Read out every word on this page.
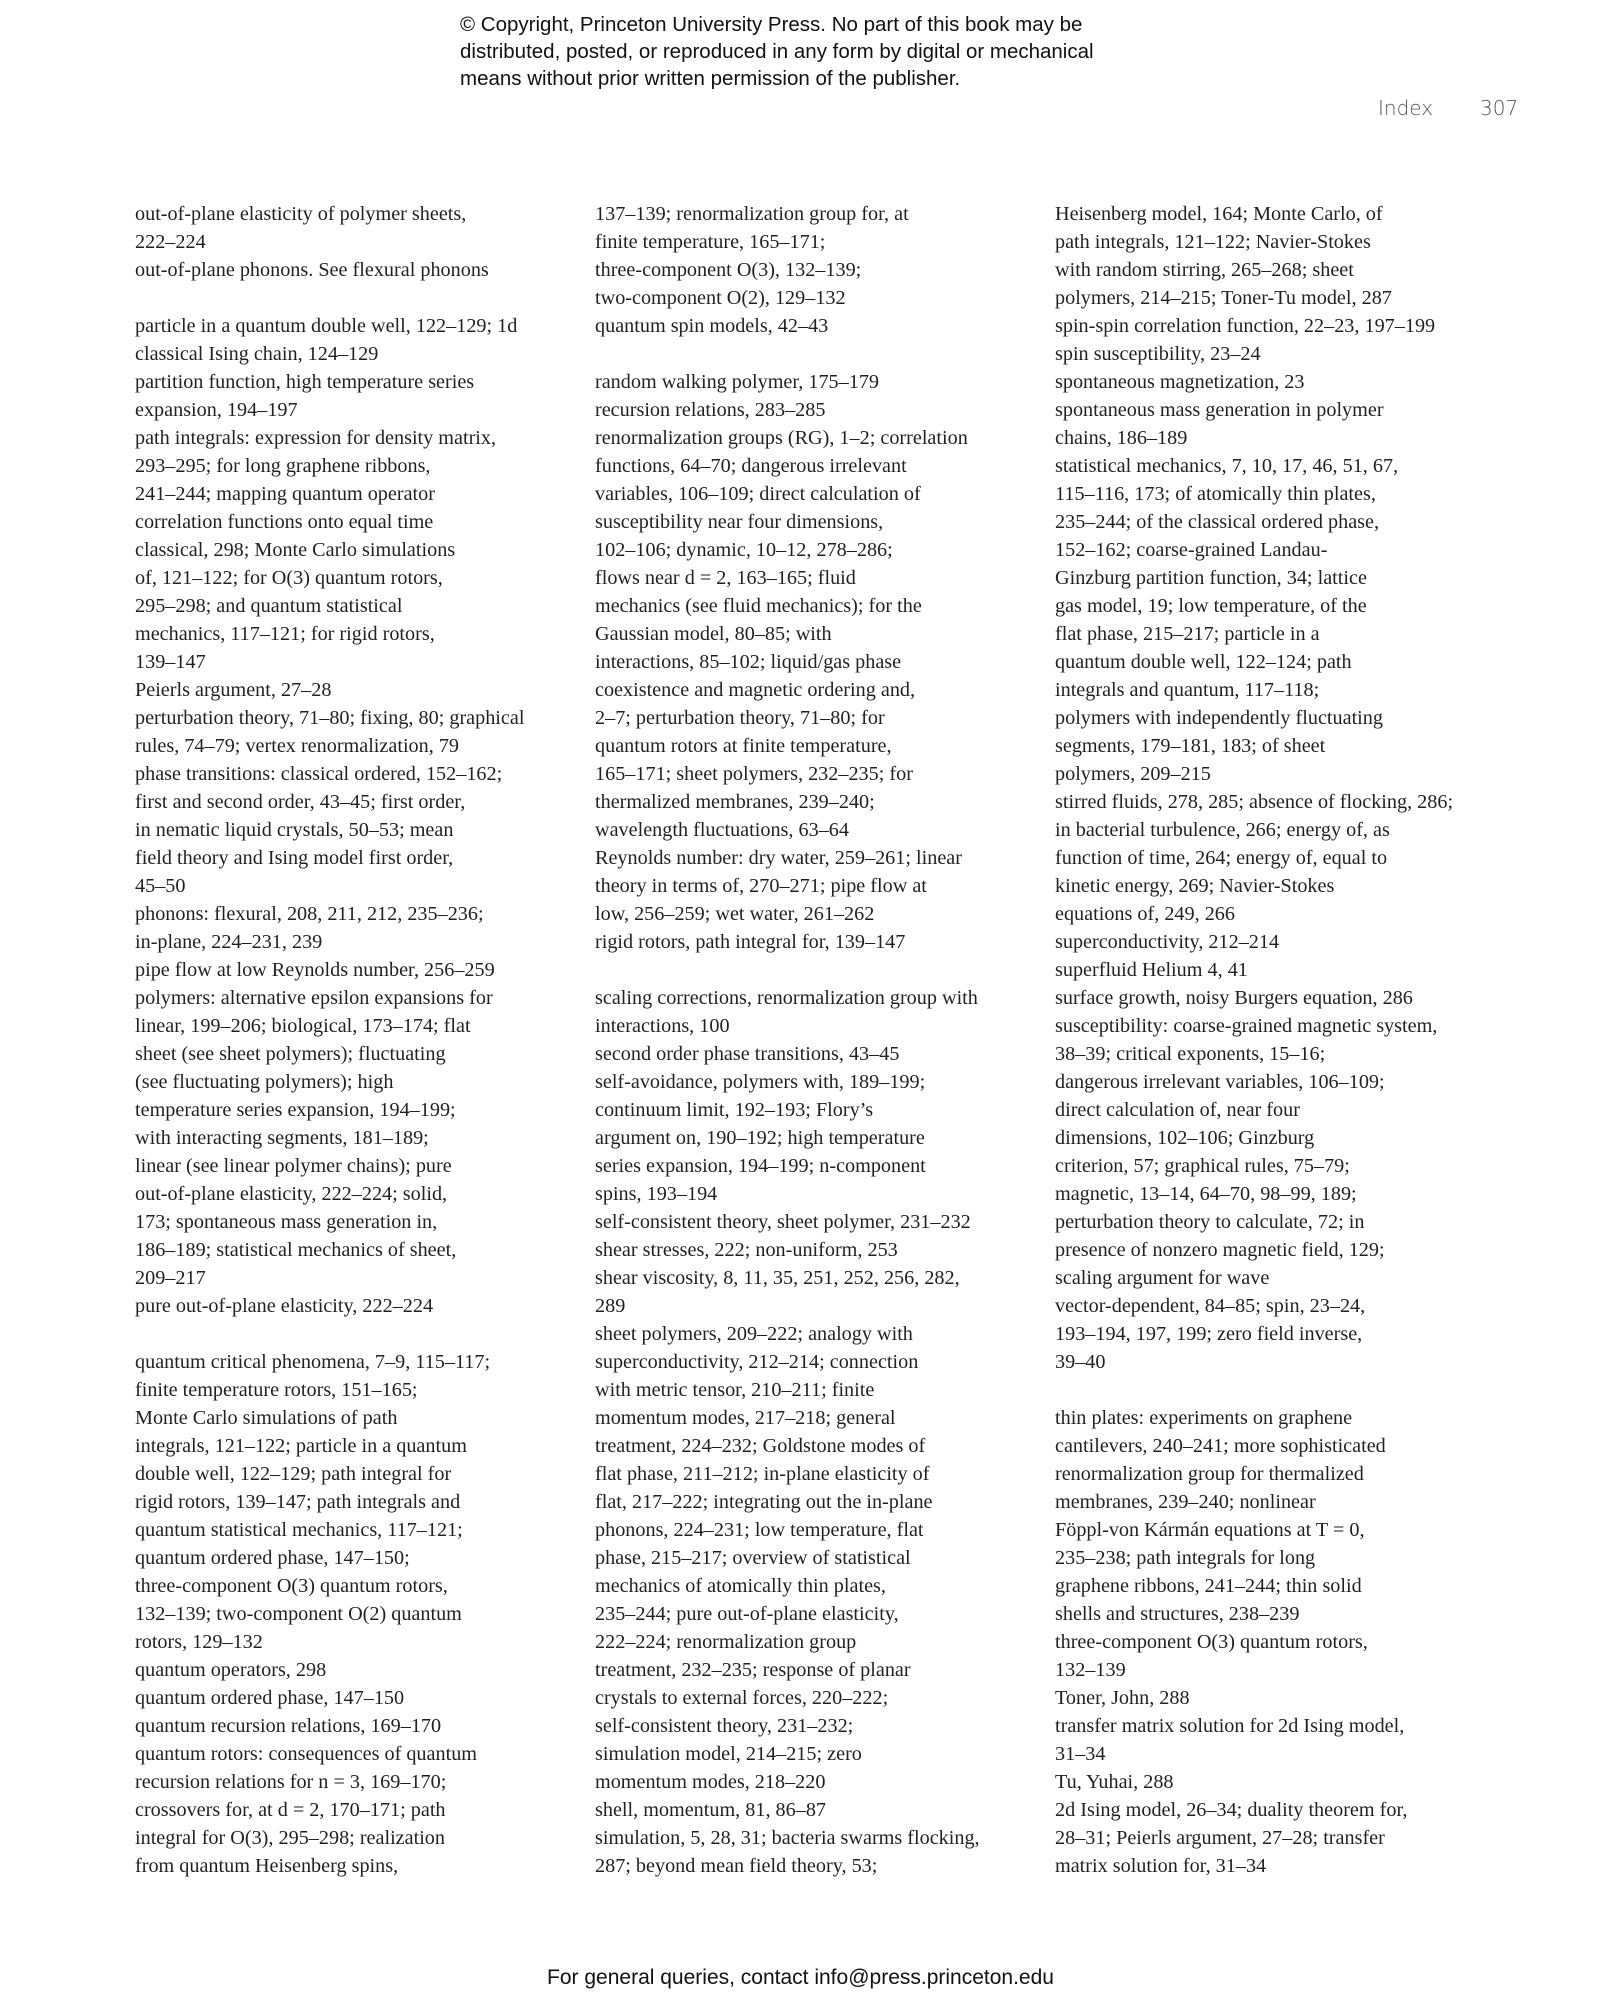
© Copyright, Princeton University Press. No part of this book may be
distributed, posted, or reproduced in any form by digital or mechanical
means without prior written permission of the publisher.
Index 307
out-of-plane elasticity of polymer sheets,
222–224
out-of-plane phonons. See flexural phonons
particle in a quantum double well, 122–129; 1d
classical Ising chain, 124–129
partition function, high temperature series
expansion, 194–197
path integrals: expression for density matrix,
293–295; for long graphene ribbons,
241–244; mapping quantum operator
correlation functions onto equal time
classical, 298; Monte Carlo simulations
of, 121–122; for O(3) quantum rotors,
295–298; and quantum statistical
mechanics, 117–121; for rigid rotors,
139–147
Peierls argument, 27–28
perturbation theory, 71–80; fixing, 80; graphical
rules, 74–79; vertex renormalization, 79
phase transitions: classical ordered, 152–162;
first and second order, 43–45; first order,
in nematic liquid crystals, 50–53; mean
field theory and Ising model first order,
45–50
phonons: flexural, 208, 211, 212, 235–236;
in-plane, 224–231, 239
pipe flow at low Reynolds number, 256–259
polymers: alternative epsilon expansions for
linear, 199–206; biological, 173–174; flat
sheet (see sheet polymers); fluctuating
(see fluctuating polymers); high
temperature series expansion, 194–199;
with interacting segments, 181–189;
linear (see linear polymer chains); pure
out-of-plane elasticity, 222–224; solid,
173; spontaneous mass generation in,
186–189; statistical mechanics of sheet,
209–217
pure out-of-plane elasticity, 222–224
quantum critical phenomena, 7–9, 115–117;
finite temperature rotors, 151–165;
Monte Carlo simulations of path
integrals, 121–122; particle in a quantum
double well, 122–129; path integral for
rigid rotors, 139–147; path integrals and
quantum statistical mechanics, 117–121;
quantum ordered phase, 147–150;
three-component O(3) quantum rotors,
132–139; two-component O(2) quantum
rotors, 129–132
quantum operators, 298
quantum ordered phase, 147–150
quantum recursion relations, 169–170
quantum rotors: consequences of quantum
recursion relations for n = 3, 169–170;
crossovers for, at d = 2, 170–171; path
integral for O(3), 295–298; realization
from quantum Heisenberg spins,
137–139; renormalization group for, at
finite temperature, 165–171;
three-component O(3), 132–139;
two-component O(2), 129–132
quantum spin models, 42–43
random walking polymer, 175–179
recursion relations, 283–285
renormalization groups (RG), 1–2; correlation
functions, 64–70; dangerous irrelevant
variables, 106–109; direct calculation of
susceptibility near four dimensions,
102–106; dynamic, 10–12, 278–286;
flows near d = 2, 163–165; fluid
mechanics (see fluid mechanics); for the
Gaussian model, 80–85; with
interactions, 85–102; liquid/gas phase
coexistence and magnetic ordering and,
2–7; perturbation theory, 71–80; for
quantum rotors at finite temperature,
165–171; sheet polymers, 232–235; for
thermalized membranes, 239–240;
wavelength fluctuations, 63–64
Reynolds number: dry water, 259–261; linear
theory in terms of, 270–271; pipe flow at
low, 256–259; wet water, 261–262
rigid rotors, path integral for, 139–147
scaling corrections, renormalization group with
interactions, 100
second order phase transitions, 43–45
self-avoidance, polymers with, 189–199;
continuum limit, 192–193; Flory’s
argument on, 190–192; high temperature
series expansion, 194–199; n-component
spins, 193–194
self-consistent theory, sheet polymer, 231–232
shear stresses, 222; non-uniform, 253
shear viscosity, 8, 11, 35, 251, 252, 256, 282,
289
sheet polymers, 209–222; analogy with
superconductivity, 212–214; connection
with metric tensor, 210–211; finite
momentum modes, 217–218; general
treatment, 224–232; Goldstone modes of
flat phase, 211–212; in-plane elasticity of
flat, 217–222; integrating out the in-plane
phonons, 224–231; low temperature, flat
phase, 215–217; overview of statistical
mechanics of atomically thin plates,
235–244; pure out-of-plane elasticity,
222–224; renormalization group
treatment, 232–235; response of planar
crystals to external forces, 220–222;
self-consistent theory, 231–232;
simulation model, 214–215; zero
momentum modes, 218–220
shell, momentum, 81, 86–87
simulation, 5, 28, 31; bacteria swarms flocking,
287; beyond mean field theory, 53;
Heisenberg model, 164; Monte Carlo, of
path integrals, 121–122; Navier-Stokes
with random stirring, 265–268; sheet
polymers, 214–215; Toner-Tu model, 287
spin-spin correlation function, 22–23, 197–199
spin susceptibility, 23–24
spontaneous magnetization, 23
spontaneous mass generation in polymer
chains, 186–189
statistical mechanics, 7, 10, 17, 46, 51, 67,
115–116, 173; of atomically thin plates,
235–244; of the classical ordered phase,
152–162; coarse-grained Landau-
Ginzburg partition function, 34; lattice
gas model, 19; low temperature, of the
flat phase, 215–217; particle in a
quantum double well, 122–124; path
integrals and quantum, 117–118;
polymers with independently fluctuating
segments, 179–181, 183; of sheet
polymers, 209–215
stirred fluids, 278, 285; absence of flocking, 286;
in bacterial turbulence, 266; energy of, as
function of time, 264; energy of, equal to
kinetic energy, 269; Navier-Stokes
equations of, 249, 266
superconductivity, 212–214
superfluid Helium 4, 41
surface growth, noisy Burgers equation, 286
susceptibility: coarse-grained magnetic system,
38–39; critical exponents, 15–16;
dangerous irrelevant variables, 106–109;
direct calculation of, near four
dimensions, 102–106; Ginzburg
criterion, 57; graphical rules, 75–79;
magnetic, 13–14, 64–70, 98–99, 189;
perturbation theory to calculate, 72; in
presence of nonzero magnetic field, 129;
scaling argument for wave
vector-dependent, 84–85; spin, 23–24,
193–194, 197, 199; zero field inverse,
39–40
thin plates: experiments on graphene
cantilevers, 240–241; more sophisticated
renormalization group for thermalized
membranes, 239–240; nonlinear
Föppl-von Kármán equations at T = 0,
235–238; path integrals for long
graphene ribbons, 241–244; thin solid
shells and structures, 238–239
three-component O(3) quantum rotors,
132–139
Toner, John, 288
transfer matrix solution for 2d Ising model,
31–34
Tu, Yuhai, 288
2d Ising model, 26–34; duality theorem for,
28–31; Peierls argument, 27–28; transfer
matrix solution for, 31–34
For general queries, contact info@press.princeton.edu
